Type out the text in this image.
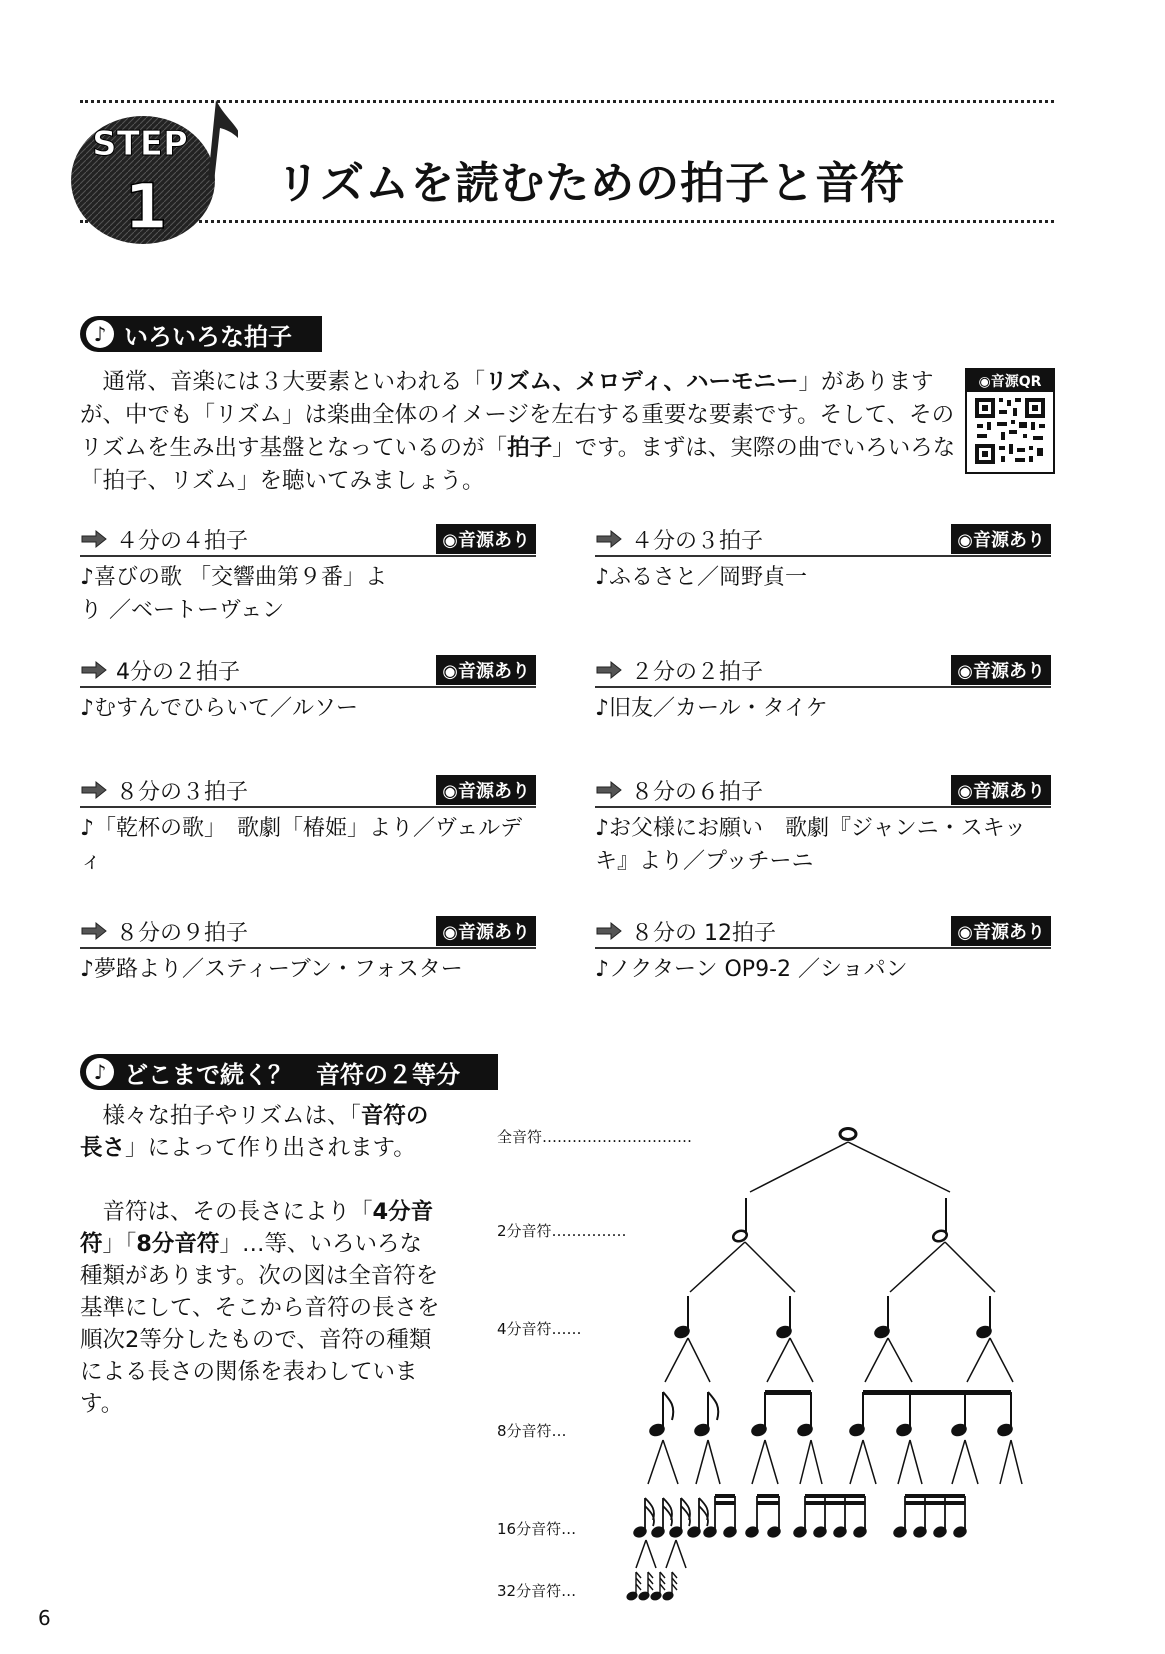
STEP
1 リズムを読むための拍子と音符
♪ いろいろな拍子

通常、音楽には３大要素といわれる「リズム、メロディ、ハーモニー」がありますが、中でも「リズム」は楽曲全体のイメージを左右する重要な要素です。そして、そのリズムを生み出す基盤となっているのが「拍子」です。まずは、実際の曲でいろいろな「拍子、リズム」を聴いてみましょう。

◉音源QR
４分の４拍子	◉音源あり
♪喜びの歌 「交響曲第９番」より ／ベートーヴェン
４分の３拍子	◉音源あり
♪ふるさと／岡野貞一
4分の２拍子	◉音源あり
♪むすんでひらいて／ルソー
２分の２拍子	◉音源あり
♪旧友／カール・タイケ
８分の３拍子	◉音源あり
♪「乾杯の歌」　歌劇「椿姫」より／ヴェルディ
８分の６拍子	◉音源あり
♪お父様にお願い　歌劇『ジャンニ・スキッキ』より／プッチーニ
８分の９拍子	◉音源あり
♪夢路より／スティーブン・フォスター
８分の 12拍子	◉音源あり
♪ノクターン OP9-2 ／ショパン
♪ どこまで続く？　音符の２等分

様々な拍子やリズムは、「音符の長さ」によって作り出されます。

音符は、その長さにより「4分音符」「8分音符」…等、いろいろな種類があります。次の図は全音符を基準にして、そこから音符の長さを順次2等分したもので、音符の種類による長さの関係を表わしています。

全音符…………………………
2分音符……………
4分音符……
8分音符…
16分音符…
32分音符…
6
